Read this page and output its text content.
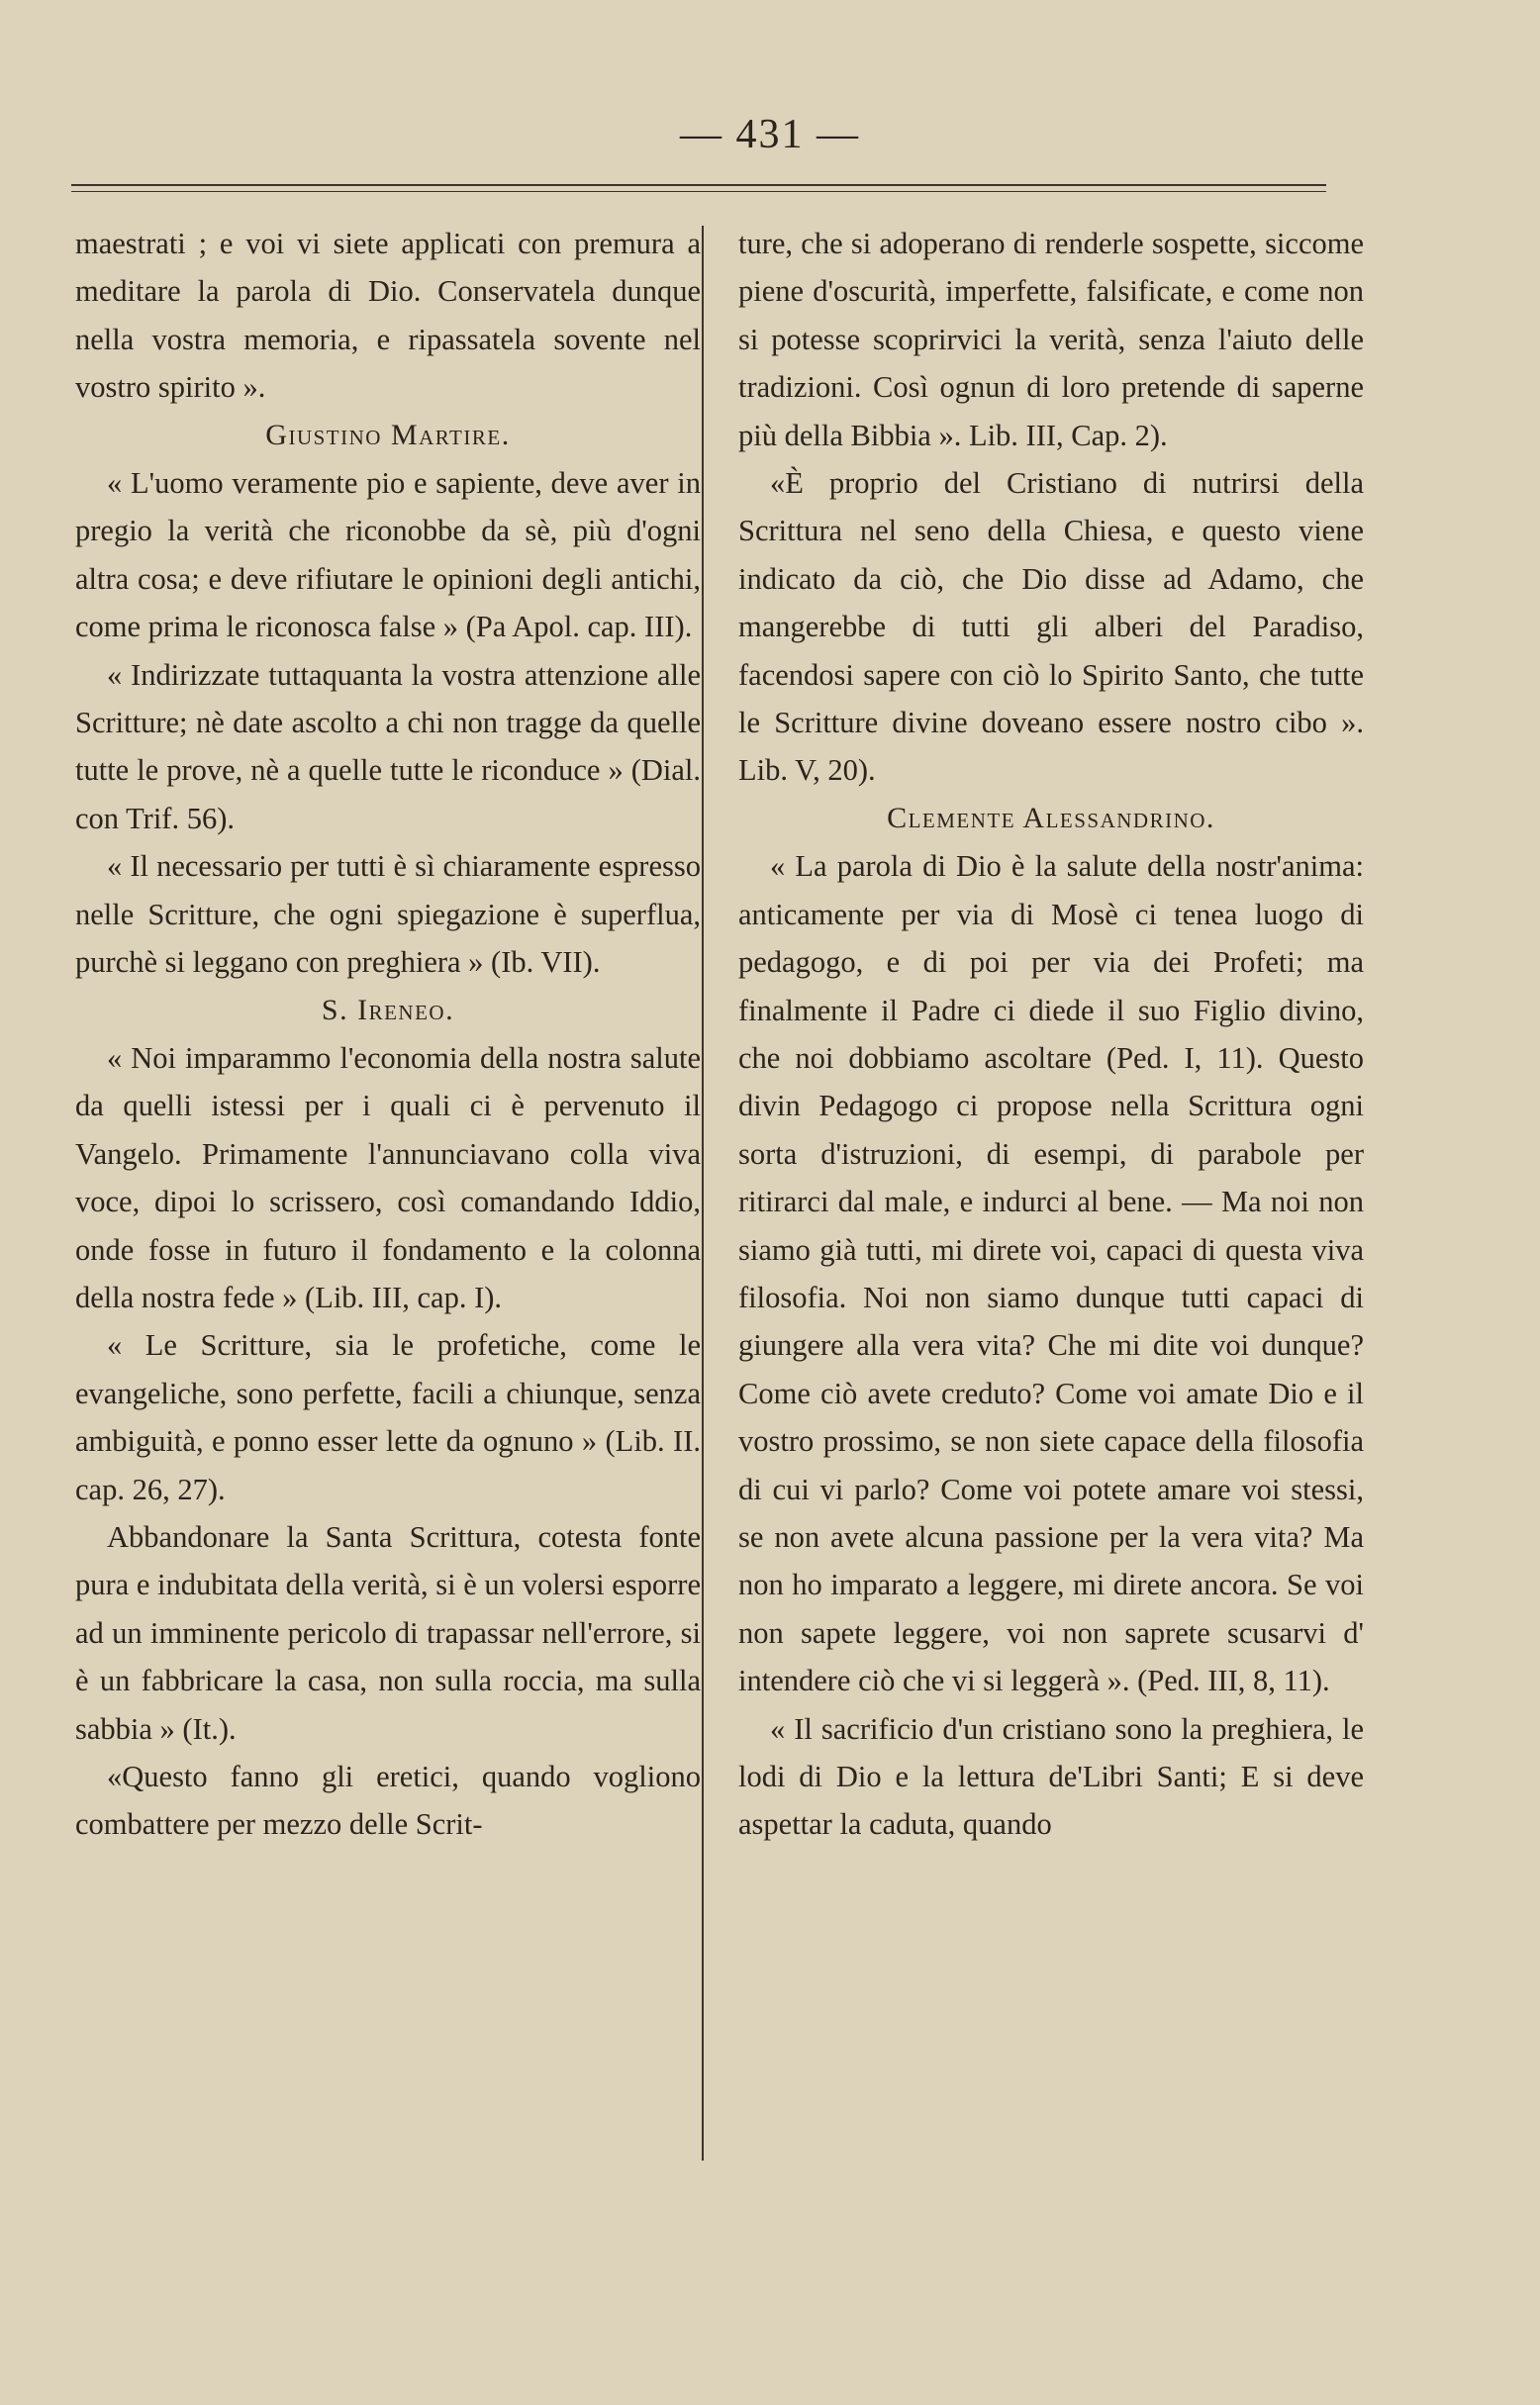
— 431 —

maestrati ; e voi vi siete applicati con premura a meditare la parola di Dio. Conservatela dunque nella vostra memoria, e ripassatela sovente nel vostro spirito ».

Giustino Martire.

« L'uomo veramente pio e sapiente, deve aver in pregio la verità che riconobbe da sè, più d'ogni altra cosa; e deve rifiutare le opinioni degli antichi, come prima le riconosca false » (Pa Apol. cap. III).

« Indirizzate tuttaquanta la vostra attenzione alle Scritture; nè date ascolto a chi non tragge da quelle tutte le prove, nè a quelle tutte le riconduce » (Dial. con Trif. 56).

« Il necessario per tutti è sì chiaramente espresso nelle Scritture, che ogni spiegazione è superflua, purchè si leggano con preghiera » (Ib. VII).

S. Ireneo.

« Noi imparammo l'economia della nostra salute da quelli istessi per i quali ci è pervenuto il Vangelo. Primamente l'annunciavano colla viva voce, dipoi lo scrissero, così comandando Iddio, onde fosse in futuro il fondamento e la colonna della nostra fede » (Lib. III, cap. I).

« Le Scritture, sia le profetiche, come le evangeliche, sono perfette, facili a chiunque, senza ambiguità, e ponno esser lette da ognuno » (Lib. II. cap. 26, 27).

Abbandonare la Santa Scrittura, cotesta fonte pura e indubitata della verità, si è un volersi esporre ad un imminente pericolo di trapassar nell'errore, si è un fabbricare la casa, non sulla roccia, ma sulla sabbia » (It.).

«Questo fanno gli eretici, quando vogliono combattere per mezzo delle Scrit-

ture, che si adoperano di renderle sospette, siccome piene d'oscurità, imperfette, falsificate, e come non si potesse scoprirvici la verità, senza l'aiuto delle tradizioni. Così ognun di loro pretende di saperne più della Bibbia ». Lib. III, Cap. 2).

«È proprio del Cristiano di nutrirsi della Scrittura nel seno della Chiesa, e questo viene indicato da ciò, che Dio disse ad Adamo, che mangerebbe di tutti gli alberi del Paradiso, facendosi sapere con ciò lo Spirito Santo, che tutte le Scritture divine doveano essere nostro cibo ». Lib. V, 20).

Clemente Alessandrino.

« La parola di Dio è la salute della nostr'anima: anticamente per via di Mosè ci tenea luogo di pedagogo, e di poi per via dei Profeti; ma finalmente il Padre ci diede il suo Figlio divino, che noi dobbiamo ascoltare (Ped. I, 11). Questo divin Pedagogo ci propose nella Scrittura ogni sorta d'istruzioni, di esempi, di parabole per ritirarci dal male, e indurci al bene. — Ma noi non siamo già tutti, mi direte voi, capaci di questa viva filosofia. Noi non siamo dunque tutti capaci di giungere alla vera vita? Che mi dite voi dunque? Come ciò avete creduto? Come voi amate Dio e il vostro prossimo, se non siete capace della filosofia di cui vi parlo? Come voi potete amare voi stessi, se non avete alcuna passione per la vera vita? Ma non ho imparato a leggere, mi direte ancora. Se voi non sapete leggere, voi non saprete scusarvi d' intendere ciò che vi si leggerà ». (Ped. III, 8, 11).

« Il sacrificio d'un cristiano sono la preghiera, le lodi di Dio e la lettura de'Libri Santi; E si deve aspettar la caduta, quando
